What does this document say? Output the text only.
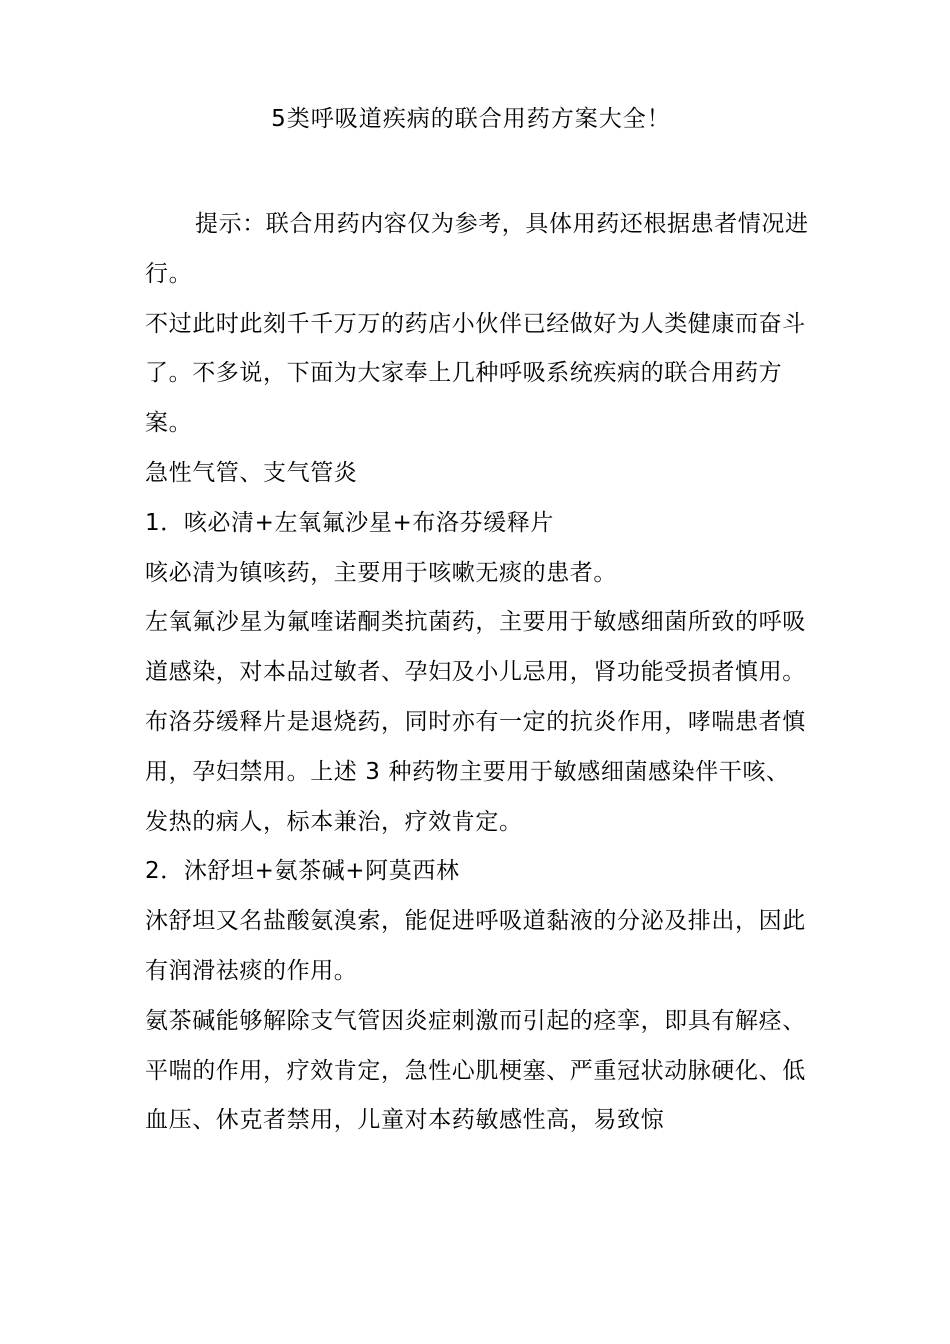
5类呼吸道疾病的联合用药方案大全！

提示：联合用药内容仅为参考，具体用药还根据患者情况进行。

不过此时此刻千千万万的药店小伙伴已经做好为人类健康而奋斗了。不多说，下面为大家奉上几种呼吸系统疾病的联合用药方案。

急性气管、支气管炎

1．咳必清+左氧氟沙星+布洛芬缓释片

咳必清为镇咳药，主要用于咳嗽无痰的患者。

左氧氟沙星为氟喹诺酮类抗菌药，主要用于敏感细菌所致的呼吸道感染，对本品过敏者、孕妇及小儿忌用，肾功能受损者慎用。

布洛芬缓释片是退烧药，同时亦有一定的抗炎作用，哮喘患者慎用，孕妇禁用。上述 3 种药物主要用于敏感细菌感染伴干咳、发热的病人，标本兼治，疗效肯定。

2．沐舒坦+氨茶碱+阿莫西林

沐舒坦又名盐酸氨溴索，能促进呼吸道黏液的分泌及排出，因此有润滑祛痰的作用。

氨茶碱能够解除支气管因炎症刺激而引起的痉挛，即具有解痉、平喘的作用，疗效肯定，急性心肌梗塞、严重冠状动脉硬化、低血压、休克者禁用，儿童对本药敏感性高，易致惊
